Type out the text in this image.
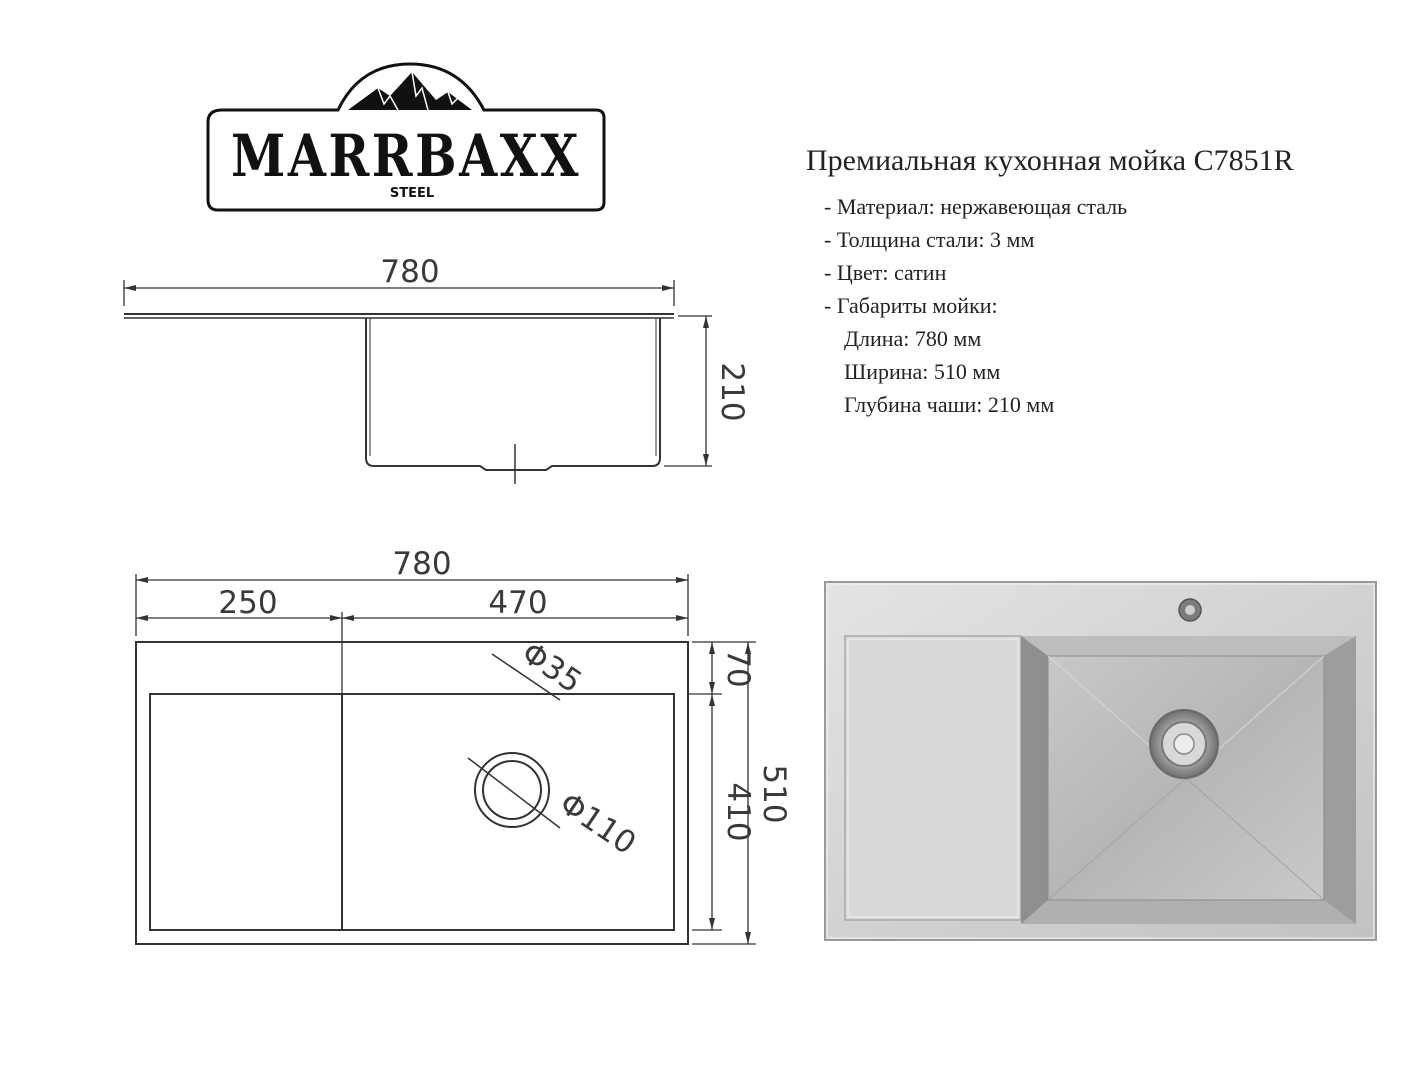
MARRBAXX
STEEL
780
210
780
250	470
Φ35
Φ110
70
410 510
Премиальная кухонная мойка C7851R
- Материал: нержавеющая сталь
- Толщина стали: 3 мм
- Цвет: сатин
- Габариты мойки:
Длина: 780 мм
Ширина: 510 мм
Глубина чаши: 210 мм
